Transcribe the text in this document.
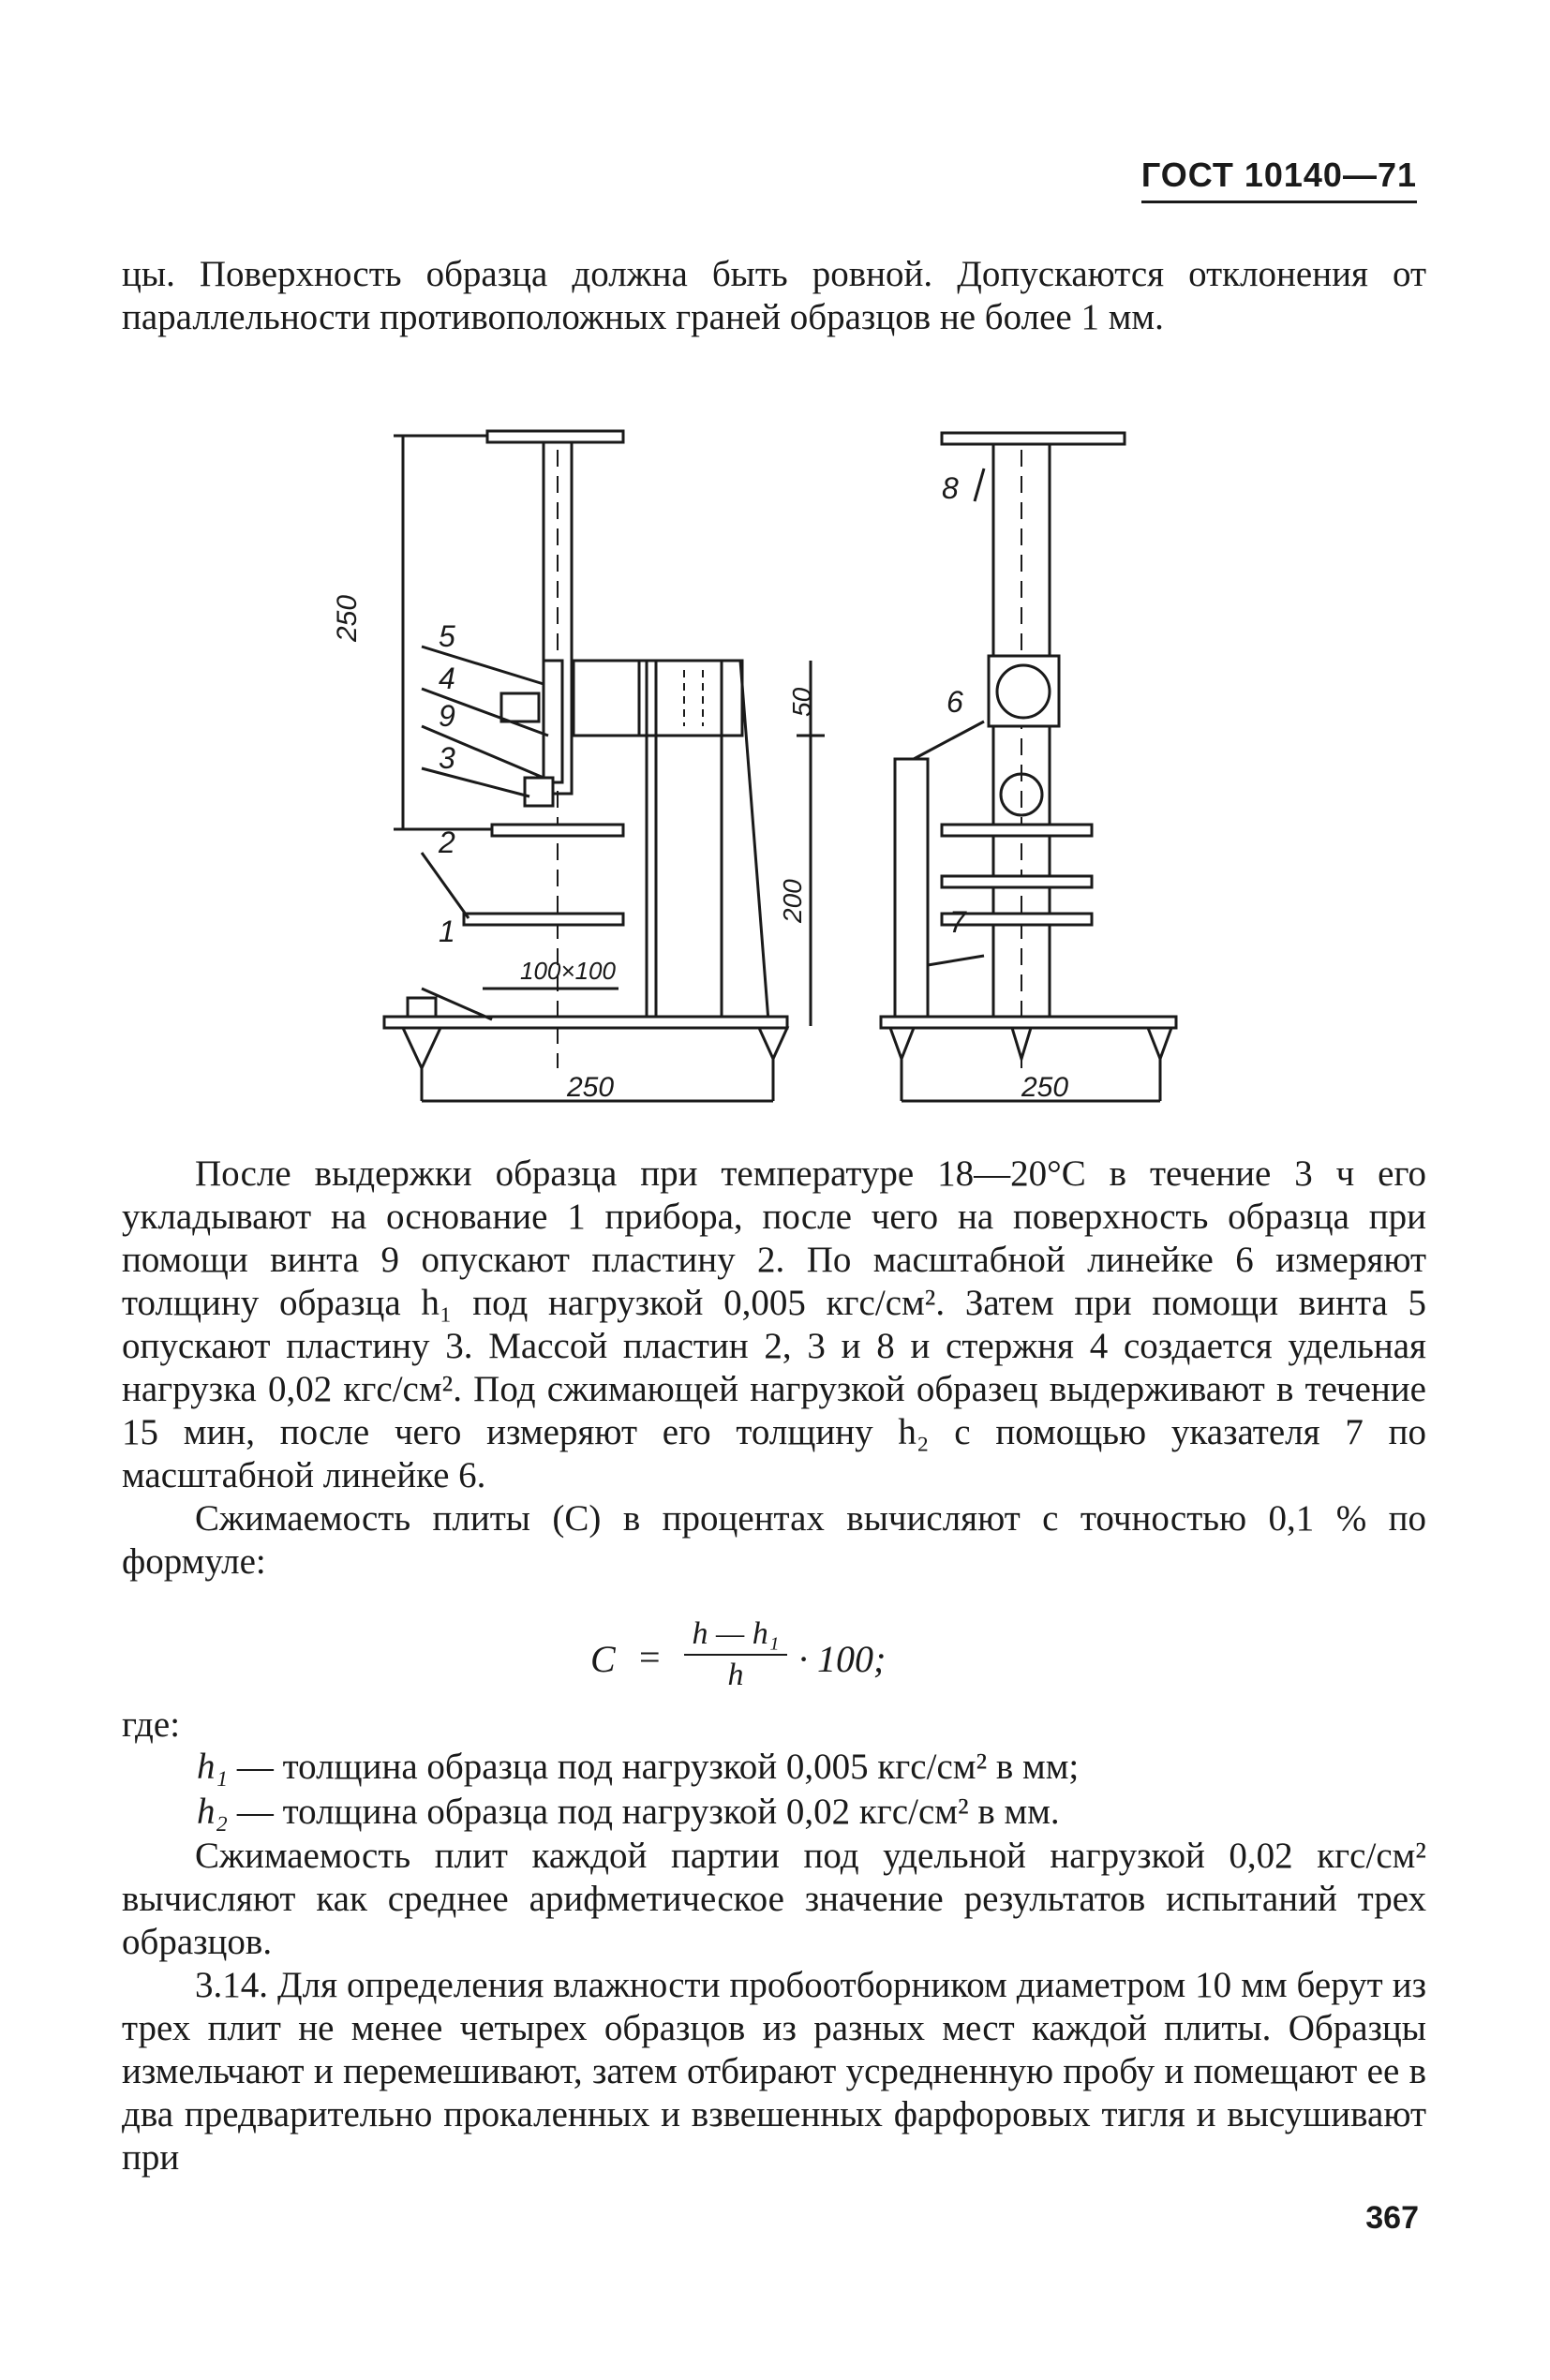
ГОСТ 10140—71

цы. Поверхность образца должна быть ровной. Допускаются отклонения от параллельности противоположных граней образцов не более 1 мм.

250
50
200
100×100
250	250
5
4
9
3
2
1
8
6
7

После выдержки образца при температуре 18—20°С в течение 3 ч его укладывают на основание 1 прибора, после чего на поверхность образца при помощи винта 9 опускают пластину 2. По масштабной линейке 6 измеряют толщину образца h₁ под нагрузкой 0,005 кгс/см². Затем при помощи винта 5 опускают пластину 3. Массой пластин 2, 3 и 8 и стержня 4 создается удельная нагрузка 0,02 кгс/см². Под сжимающей нагрузкой образец выдерживают в течение 15 мин, после чего измеряют его толщину h₂ с помощью указателя 7 по масштабной линейке 6.

Сжимаемость плиты (С) в процентах вычисляют с точностью 0,1 % по формуле:

C =
h — h₁
h	· 100;
где:
h₁ — толщина образца под нагрузкой 0,005 кгс/см² в мм;
h₂ — толщина образца под нагрузкой 0,02 кгс/см² в мм.

Сжимаемость плит каждой партии под удельной нагрузкой 0,02 кгс/см² вычисляют как среднее арифметическое значение результатов испытаний трех образцов.

3.14. Для определения влажности пробоотборником диаметром 10 мм берут из трех плит не менее четырех образцов из разных мест каждой плиты. Образцы измельчают и перемешивают, затем отбирают усредненную пробу и помещают ее в два предварительно прокаленных и взвешенных фарфоровых тигля и высушивают при

367
